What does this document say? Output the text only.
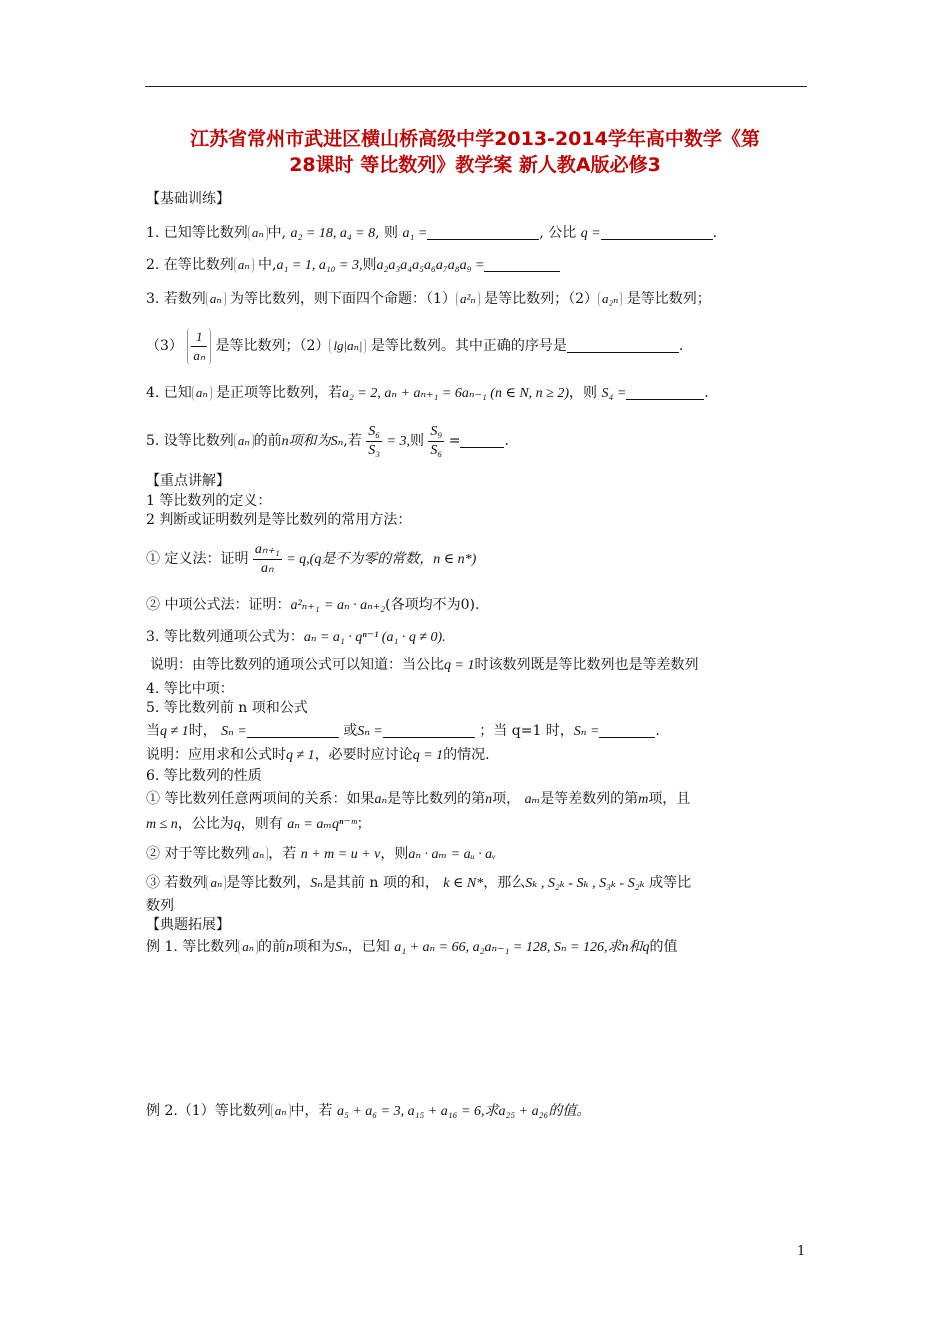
江苏省常州市武进区横山桥高级中学2013-2014学年高中数学《第
28课时 等比数列》教学案 新人教A版必修3
【基础训练】
1. 已知等比数列 aₙ 中, a₂ = 18, a₄ = 8, 则 a₁ =	, 公比 q =	.
2. 在等比数列 aₙ 中,a₁ = 1, a₁₀ = 3,则a₂a₃a₄a₅a₆a₇a₈a₉ =
3. 若数列 aₙ 为等比数列，则下面四个命题：（1） a²ₙ 是等比数列；（2） a₂ₙ 是等比数列；
$(3) \frac{1}{\text{aₙ}}$ 是等比数列；（2） lg|aₙ| 是等比数列。其中正确的序号是	.
4. 已知 aₙ 是正项等比数列，若a₂ = 2, aₙ + aₙ₊₁ = 6aₙ₋₁ (n ∈ N, n ≥ 2)，则 S₄ =	.
5. 设等比数列 aₙ 的前n项和为Sₙ,若 $\frac{\text{S₆}}{\text{S₃}} = 3$,则 $\frac{\text{S₉}}{\text{S₆}}$ =	.
【重点讲解】
1 等比数列的定义：
2 判断或证明数列是等比数列的常用方法：
① 定义法：证明 $\frac{\text{aₙ₊₁}}{\text{aₙ}} = q,(q$是不为零的常数，n ∈ n*)
② 中项公式法：证明：a²ₙ₊₁ = aₙ · aₙ₊₂(各项均不为0).
3. 等比数列通项公式为：aₙ = a₁ · qⁿ⁻¹ (a₁ · q ≠ 0).
说明：由等比数列的通项公式可以知道：当公比q = 1时该数列既是等比数列也是等差数列
4. 等比中项：
5. 等比数列前 n 项和公式
当q ≠ 1时， Sₙ =	或Sₙ =	；当 q=1 时，Sₙ =	.
说明：应用求和公式时q ≠ 1，必要时应讨论q = 1的情况.
6. 等比数列的性质
① 等比数列任意两项间的关系：如果aₙ是等比数列的第n项， aₘ是等差数列的第m项，且
m ≤ n，公比为q，则有 aₙ = aₘqⁿ⁻ᵐ；
② 对于等比数列 aₙ ，若 n + m = u + v，则aₙ · aₘ = aᵤ · aᵥ
③ 若数列 aₙ 是等比数列，Sₙ是其前 n 项的和， k ∈ N*，那么Sₖ , S₂ₖ - Sₖ , S₃ₖ - S₂ₖ 成等比
数列
【典题拓展】
例 1. 等比数列 aₙ 的前n项和为Sₙ，已知 a₁ + aₙ = 66, a₂aₙ₋₁ = 128, Sₙ = 126,求n和q的值
例 2.（1）等比数列 aₙ 中，若 a₅ + a₆ = 3, a₁₅ + a₁₆ = 6,求a₂₅ + a₂₆的值。
1
